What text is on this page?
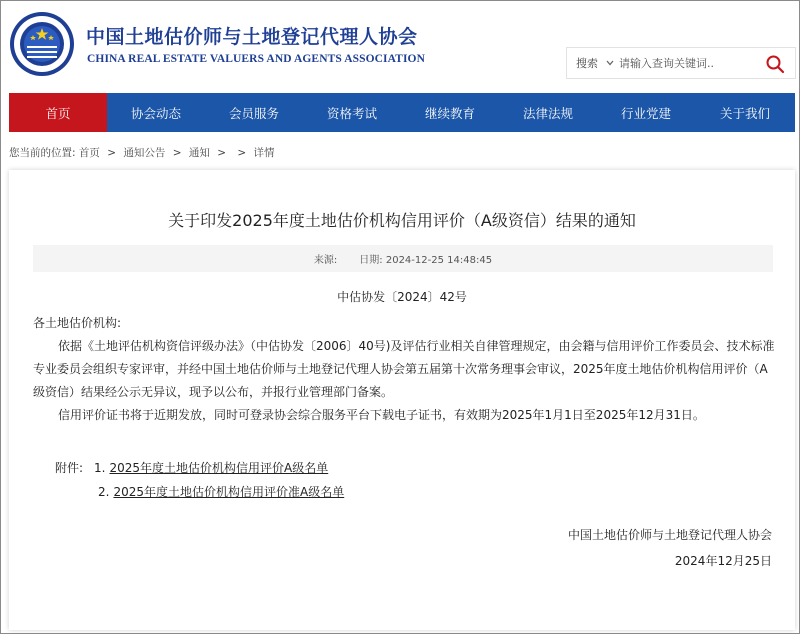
中国土地估价师与土地登记代理人协会
CHINA REAL ESTATE VALUERS AND AGENTS ASSOCIATION	搜索
请输入查询关键词..
首页	协会动态	会员服务	资格考试	继续教育	法律法规	行业党建	关于我们
您当前的位置: 首页 > 通知公告 > 通知 > > 详情
关于印发2025年度土地估价机构信用评价（A级资信）结果的通知
来源: 日期: 2024-12-25 14:48:45
中估协发〔2024〕42号

各土地估价机构:

依据《土地评估机构资信评级办法》（中估协发〔2006〕40号)及评估行业相关自律管理规定，由会籍与信用评价工作委员会、技术标准专业委员会组织专家评审，并经中国土地估价师与土地登记代理人协会第五届第十次常务理事会审议，2025年度土地估价机构信用评价（A级资信）结果经公示无异议，现予以公布，并报行业管理部门备案。

信用评价证书将于近期发放，同时可登录协会综合服务平台下载电子证书，有效期为2025年1月1日至2025年12月31日。

附件: 1. 2025年度土地估价机构信用评价A级名单
2. 2025年度土地估价机构信用评价准A级名单
中国土地估价师与土地登记代理人协会
2024年12月25日
